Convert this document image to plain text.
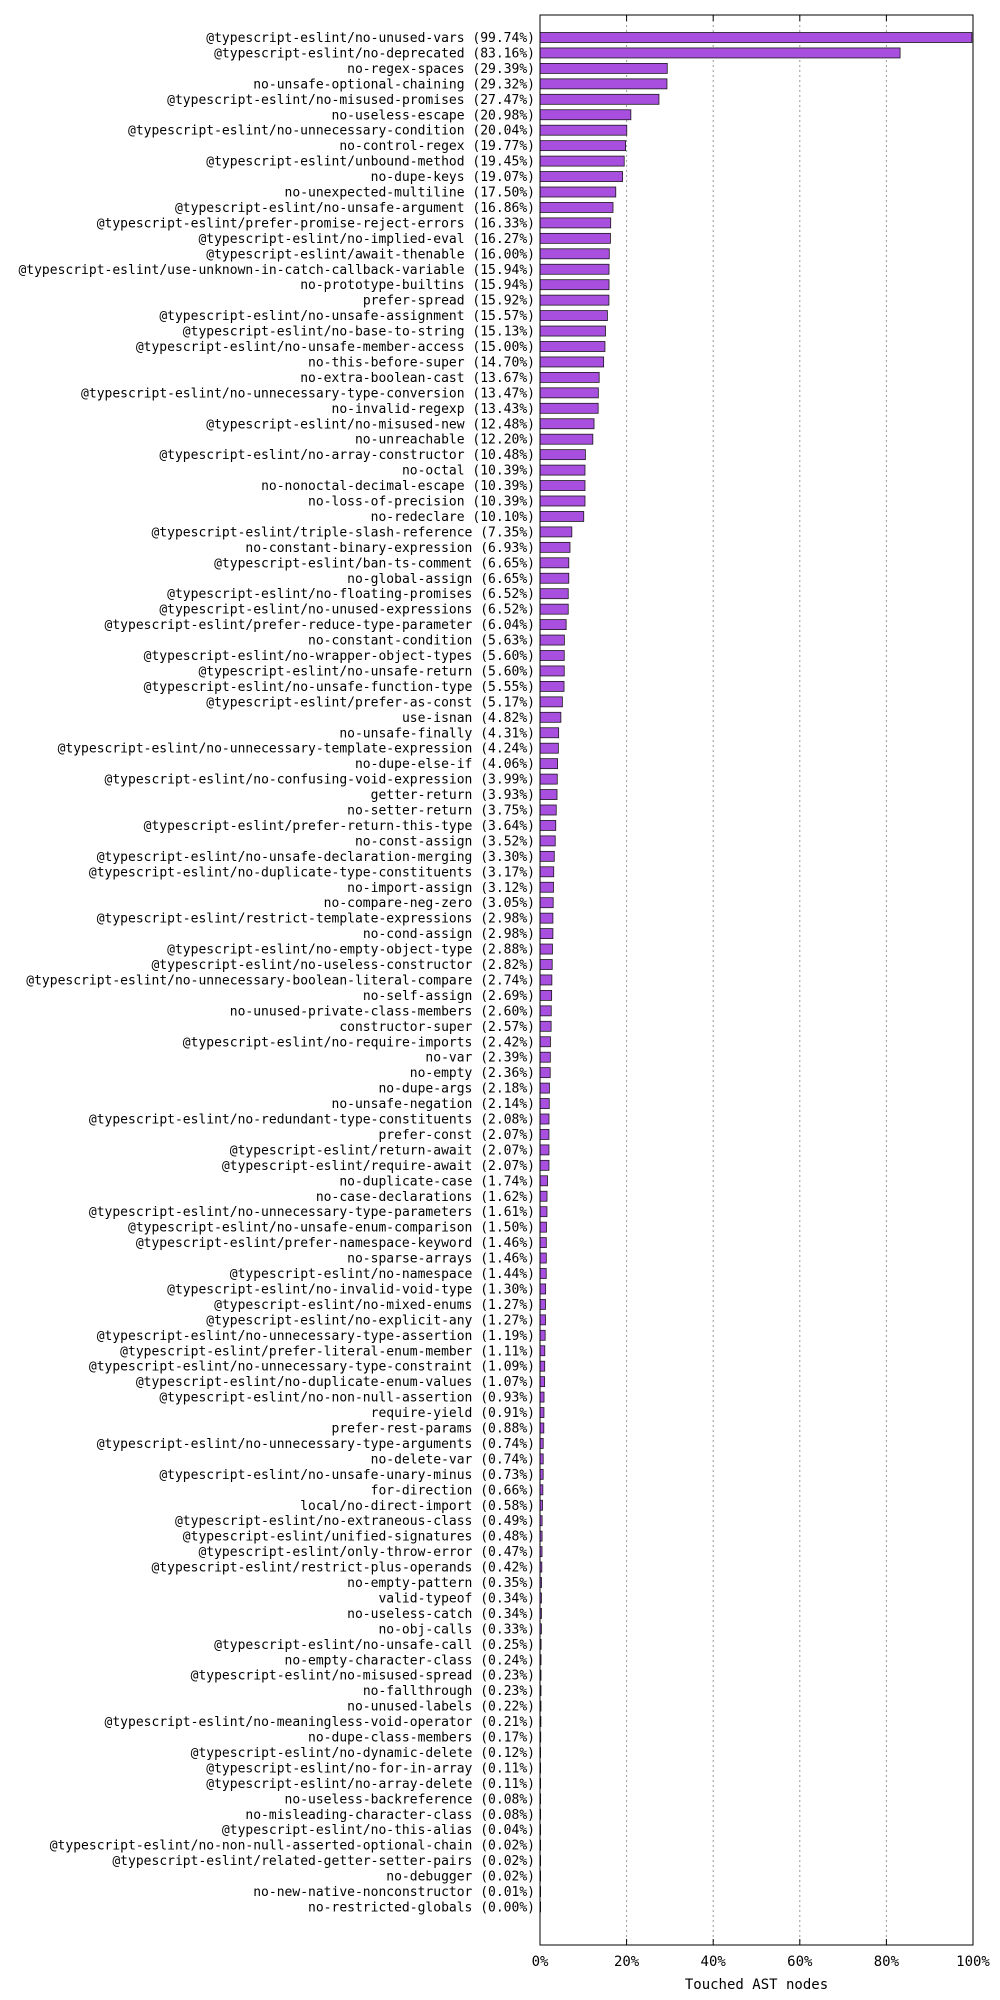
@typescript-eslint/no-unused-vars (99.74%)
@typescript-eslint/no-deprecated (83.16%)
no-regex-spaces (29.39%)
no-unsafe-optional-chaining (29.32%)
@typescript-eslint/no-misused-promises (27.47%)
no-useless-escape (20.98%)
@typescript-eslint/no-unnecessary-condition (20.04%)
no-control-regex (19.77%)
@typescript-eslint/unbound-method (19.45%)
no-dupe-keys (19.07%)
no-unexpected-multiline (17.50%)
@typescript-eslint/no-unsafe-argument (16.86%)
@typescript-eslint/prefer-promise-reject-errors (16.33%)
@typescript-eslint/no-implied-eval (16.27%)
@typescript-eslint/await-thenable (16.00%)
@typescript-eslint/use-unknown-in-catch-callback-variable (15.94%)
no-prototype-builtins (15.94%)
prefer-spread (15.92%)
@typescript-eslint/no-unsafe-assignment (15.57%)
@typescript-eslint/no-base-to-string (15.13%)
@typescript-eslint/no-unsafe-member-access (15.00%)
no-this-before-super (14.70%)
no-extra-boolean-cast (13.67%)
@typescript-eslint/no-unnecessary-type-conversion (13.47%)
no-invalid-regexp (13.43%)
@typescript-eslint/no-misused-new (12.48%)
no-unreachable (12.20%)
@typescript-eslint/no-array-constructor (10.48%)
no-octal (10.39%)
no-nonoctal-decimal-escape (10.39%)
no-loss-of-precision (10.39%)
no-redeclare (10.10%)
@typescript-eslint/triple-slash-reference (7.35%)
no-constant-binary-expression (6.93%)
@typescript-eslint/ban-ts-comment (6.65%)
no-global-assign (6.65%)
@typescript-eslint/no-floating-promises (6.52%)
@typescript-eslint/no-unused-expressions (6.52%)
@typescript-eslint/prefer-reduce-type-parameter (6.04%)
no-constant-condition (5.63%)
@typescript-eslint/no-wrapper-object-types (5.60%)
@typescript-eslint/no-unsafe-return (5.60%)
@typescript-eslint/no-unsafe-function-type (5.55%)
@typescript-eslint/prefer-as-const (5.17%)
use-isnan (4.82%)
no-unsafe-finally (4.31%)
@typescript-eslint/no-unnecessary-template-expression (4.24%)
no-dupe-else-if (4.06%)
@typescript-eslint/no-confusing-void-expression (3.99%)
getter-return (3.93%)
no-setter-return (3.75%)
@typescript-eslint/prefer-return-this-type (3.64%)
no-const-assign (3.52%)
@typescript-eslint/no-unsafe-declaration-merging (3.30%)
@typescript-eslint/no-duplicate-type-constituents (3.17%)
no-import-assign (3.12%)
no-compare-neg-zero (3.05%)
@typescript-eslint/restrict-template-expressions (2.98%)
no-cond-assign (2.98%)
@typescript-eslint/no-empty-object-type (2.88%)
@typescript-eslint/no-useless-constructor (2.82%)
@typescript-eslint/no-unnecessary-boolean-literal-compare (2.74%)
no-self-assign (2.69%)
no-unused-private-class-members (2.60%)
constructor-super (2.57%)
@typescript-eslint/no-require-imports (2.42%)
no-var (2.39%)
no-empty (2.36%)
no-dupe-args (2.18%)
no-unsafe-negation (2.14%)
@typescript-eslint/no-redundant-type-constituents (2.08%)
prefer-const (2.07%)
@typescript-eslint/return-await (2.07%)
@typescript-eslint/require-await (2.07%)
no-duplicate-case (1.74%)
no-case-declarations (1.62%)
@typescript-eslint/no-unnecessary-type-parameters (1.61%)
@typescript-eslint/no-unsafe-enum-comparison (1.50%)
@typescript-eslint/prefer-namespace-keyword (1.46%)
no-sparse-arrays (1.46%)
@typescript-eslint/no-namespace (1.44%)
@typescript-eslint/no-invalid-void-type (1.30%)
@typescript-eslint/no-mixed-enums (1.27%)
@typescript-eslint/no-explicit-any (1.27%)
@typescript-eslint/no-unnecessary-type-assertion (1.19%)
@typescript-eslint/prefer-literal-enum-member (1.11%)
@typescript-eslint/no-unnecessary-type-constraint (1.09%)
@typescript-eslint/no-duplicate-enum-values (1.07%)
@typescript-eslint/no-non-null-assertion (0.93%)
require-yield (0.91%)
prefer-rest-params (0.88%)
@typescript-eslint/no-unnecessary-type-arguments (0.74%)
no-delete-var (0.74%)
@typescript-eslint/no-unsafe-unary-minus (0.73%)
for-direction (0.66%)
local/no-direct-import (0.58%)
@typescript-eslint/no-extraneous-class (0.49%)
@typescript-eslint/unified-signatures (0.48%)
@typescript-eslint/only-throw-error (0.47%)
@typescript-eslint/restrict-plus-operands (0.42%)
no-empty-pattern (0.35%)
valid-typeof (0.34%)
no-useless-catch (0.34%)
no-obj-calls (0.33%)
@typescript-eslint/no-unsafe-call (0.25%)
no-empty-character-class (0.24%)
@typescript-eslint/no-misused-spread (0.23%)
no-fallthrough (0.23%)
no-unused-labels (0.22%)
@typescript-eslint/no-meaningless-void-operator (0.21%)
no-dupe-class-members (0.17%)
@typescript-eslint/no-dynamic-delete (0.12%)
@typescript-eslint/no-for-in-array (0.11%)
@typescript-eslint/no-array-delete (0.11%)
no-useless-backreference (0.08%)
no-misleading-character-class (0.08%)
@typescript-eslint/no-this-alias (0.04%)
@typescript-eslint/no-non-null-asserted-optional-chain (0.02%)
@typescript-eslint/related-getter-setter-pairs (0.02%)
no-debugger (0.02%)
no-new-native-nonconstructor (0.01%)
no-restricted-globals (0.00%)
0%	20%	40%	60%	80%	100%
Touched AST nodes
